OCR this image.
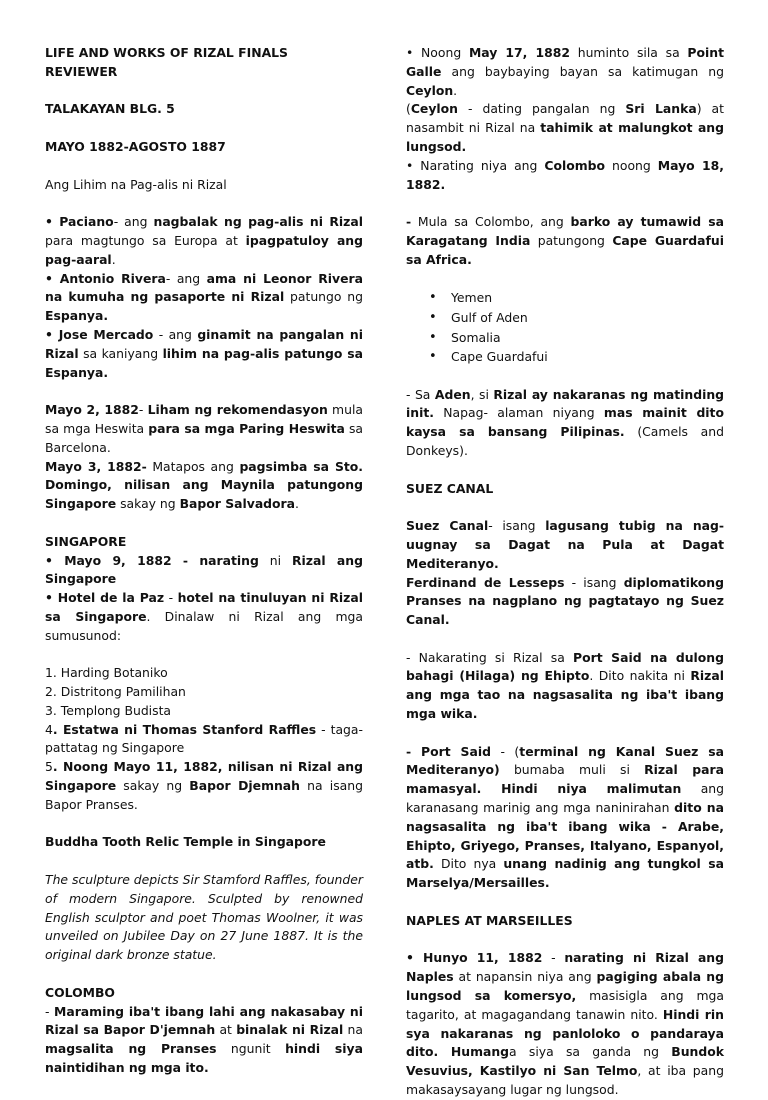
LIFE AND WORKS OF RIZAL FINALS REVIEWER

TALAKAYAN BLG. 5

MAYO 1882-AGOSTO 1887

Ang Lihim na Pag-alis ni Rizal

• Paciano- ang nagbalak ng pag-alis ni Rizal para magtungo sa Europa at ipagpatuloy ang pag-aaral.

• Antonio Rivera- ang ama ni Leonor Rivera na kumuha ng pasaporte ni Rizal patungo ng Espanya.

• Jose Mercado - ang ginamit na pangalan ni Rizal sa kaniyang lihim na pag-alis patungo sa Espanya.

Mayo 2, 1882- Liham ng rekomendasyon mula sa mga Heswita para sa mga Paring Heswita sa Barcelona.

Mayo 3, 1882- Matapos ang pagsimba sa Sto. Domingo, nilisan ang Maynila patungong Singapore sakay ng Bapor Salvadora.

SINGAPORE

• Mayo 9, 1882 - narating ni Rizal ang Singapore

• Hotel de la Paz - hotel na tinuluyan ni Rizal sa Singapore. Dinalaw ni Rizal ang mga sumusunod:

1. Harding Botaniko

2. Distritong Pamilihan

3. Templong Budista

4. Estatwa ni Thomas Stanford Raffles - taga-pattatag ng Singapore

5. Noong Mayo 11, 1882, nilisan ni Rizal ang Singapore sakay ng Bapor Djemnah na isang Bapor Pranses.

Buddha Tooth Relic Temple in Singapore

The sculpture depicts Sir Stamford Raffles, founder of modern Singapore. Sculpted by renowned English sculptor and poet Thomas Woolner, it was unveiled on Jubilee Day on 27 June 1887. It is the original dark bronze statue.

COLOMBO

- Maraming iba't ibang lahi ang nakasabay ni Rizal sa Bapor D'jemnah at binalak ni Rizal na magsalita ng Pranses ngunit hindi siya naintidihan ng mga ito.

• Noong May 17, 1882 huminto sila sa Point Galle ang baybaying bayan sa katimugan ng Ceylon.

(Ceylon - dating pangalan ng Sri Lanka) at nasambit ni Rizal na tahimik at malungkot ang lungsod.

• Narating niya ang Colombo noong Mayo 18, 1882.

- Mula sa Colombo, ang barko ay tumawid sa Karagatang India patungong Cape Guardafui sa Africa.

• Yemen
• Gulf of Aden
• Somalia
• Cape Guardafui

- Sa Aden, si Rizal ay nakaranas ng matinding init. Napag- alaman niyang mas mainit dito kaysa sa bansang Pilipinas. (Camels and Donkeys).

SUEZ CANAL

Suez Canal- isang lagusang tubig na nag-uugnay sa Dagat na Pula at Dagat Mediteranyo.

Ferdinand de Lesseps - isang diplomatikong Pranses na nagplano ng pagtatayo ng Suez Canal.

- Nakarating si Rizal sa Port Said na dulong bahagi (Hilaga) ng Ehipto. Dito nakita ni Rizal ang mga tao na nagsasalita ng iba't ibang mga wika.

- Port Said - (terminal ng Kanal Suez sa Mediteranyo) bumaba muli si Rizal para mamasyal. Hindi niya malimutan ang karanasang marinig ang mga naninirahan dito na nagsasalita ng iba't ibang wika - Arabe, Ehipto, Griyego, Pranses, Italyano, Espanyol, atb. Dito nya unang nadinig ang tungkol sa Marselya/Mersailles.

NAPLES AT MARSEILLES

• Hunyo 11, 1882 - narating ni Rizal ang Naples at napansin niya ang pagiging abala ng lungsod sa komersyo, masisigla ang mga tagarito, at magagandang tanawin nito. Hindi rin sya nakaranas ng panloloko o pandaraya dito. Humanga siya sa ganda ng Bundok Vesuvius, Kastilyo ni San Telmo, at iba pang makasaysayang lugar ng lungsod.
